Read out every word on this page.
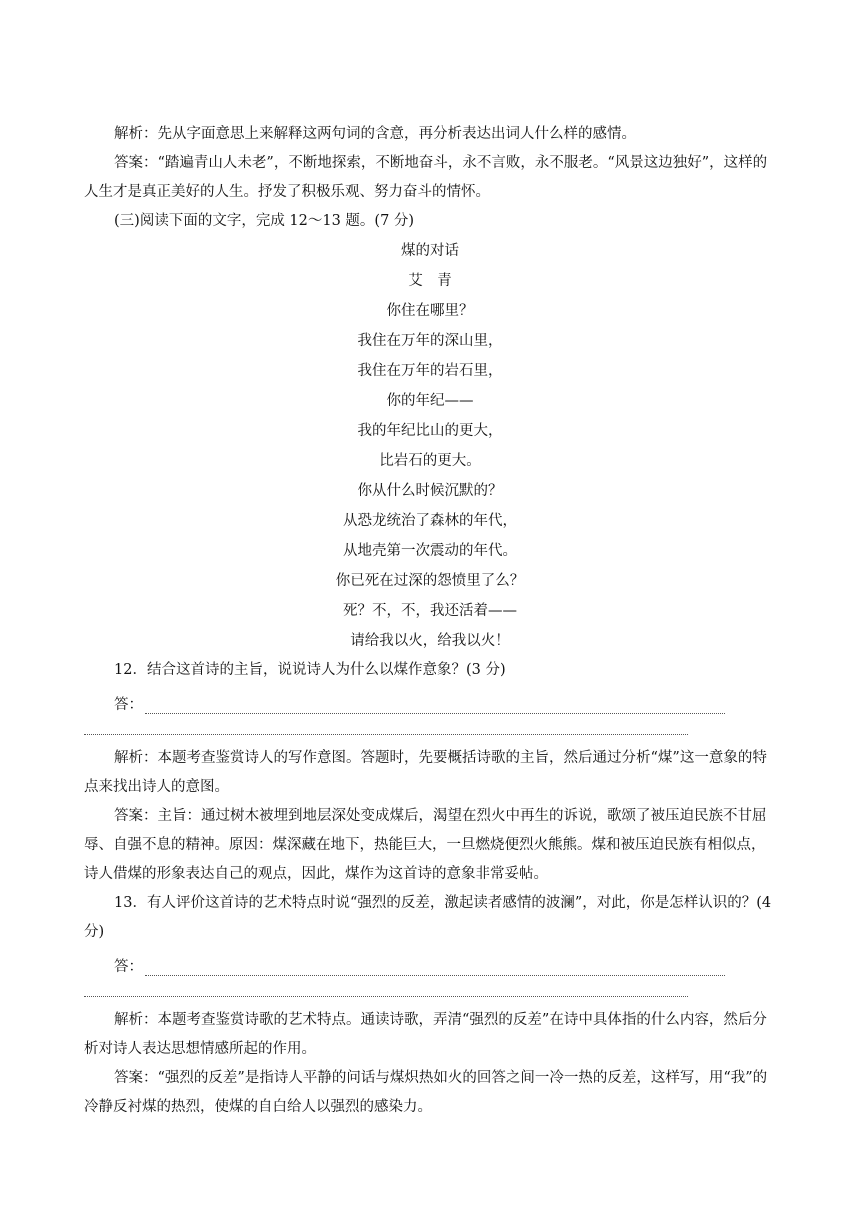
解析：先从字面意思上来解释这两句词的含意，再分析表达出词人什么样的感情。

答案：“踏遍青山人未老”，不断地探索，不断地奋斗，永不言败，永不服老。“风景这边独好”，这样的人生才是真正美好的人生。抒发了积极乐观、努力奋斗的情怀。

(三)阅读下面的文字，完成 12～13 题。(7 分)

煤的对话

艾　青

你住在哪里？

我住在万年的深山里，

我住在万年的岩石里，

你的年纪——

我的年纪比山的更大，

比岩石的更大。

你从什么时候沉默的？

从恐龙统治了森林的年代，

从地壳第一次震动的年代。

你已死在过深的怨愤里了么？

死？不，不，我还活着——

请给我以火，给我以火！

12．结合这首诗的主旨，说说诗人为什么以煤作意象？(3 分)

答：

解析：本题考查鉴赏诗人的写作意图。答题时，先要概括诗歌的主旨，然后通过分析“煤”这一意象的特点来找出诗人的意图。

答案：主旨：通过树木被埋到地层深处变成煤后，渴望在烈火中再生的诉说，歌颂了被压迫民族不甘屈辱、自强不息的精神。原因：煤深藏在地下，热能巨大，一旦燃烧便烈火熊熊。煤和被压迫民族有相似点，诗人借煤的形象表达自己的观点，因此，煤作为这首诗的意象非常妥帖。

13．有人评价这首诗的艺术特点时说“强烈的反差，激起读者感情的波澜”，对此，你是怎样认识的？(4 分)

答：

解析：本题考查鉴赏诗歌的艺术特点。通读诗歌，弄清“强烈的反差”在诗中具体指的什么内容，然后分析对诗人表达思想情感所起的作用。

答案：“强烈的反差”是指诗人平静的问话与煤炽热如火的回答之间一冷一热的反差，这样写，用“我”的冷静反衬煤的热烈，使煤的自白给人以强烈的感染力。
